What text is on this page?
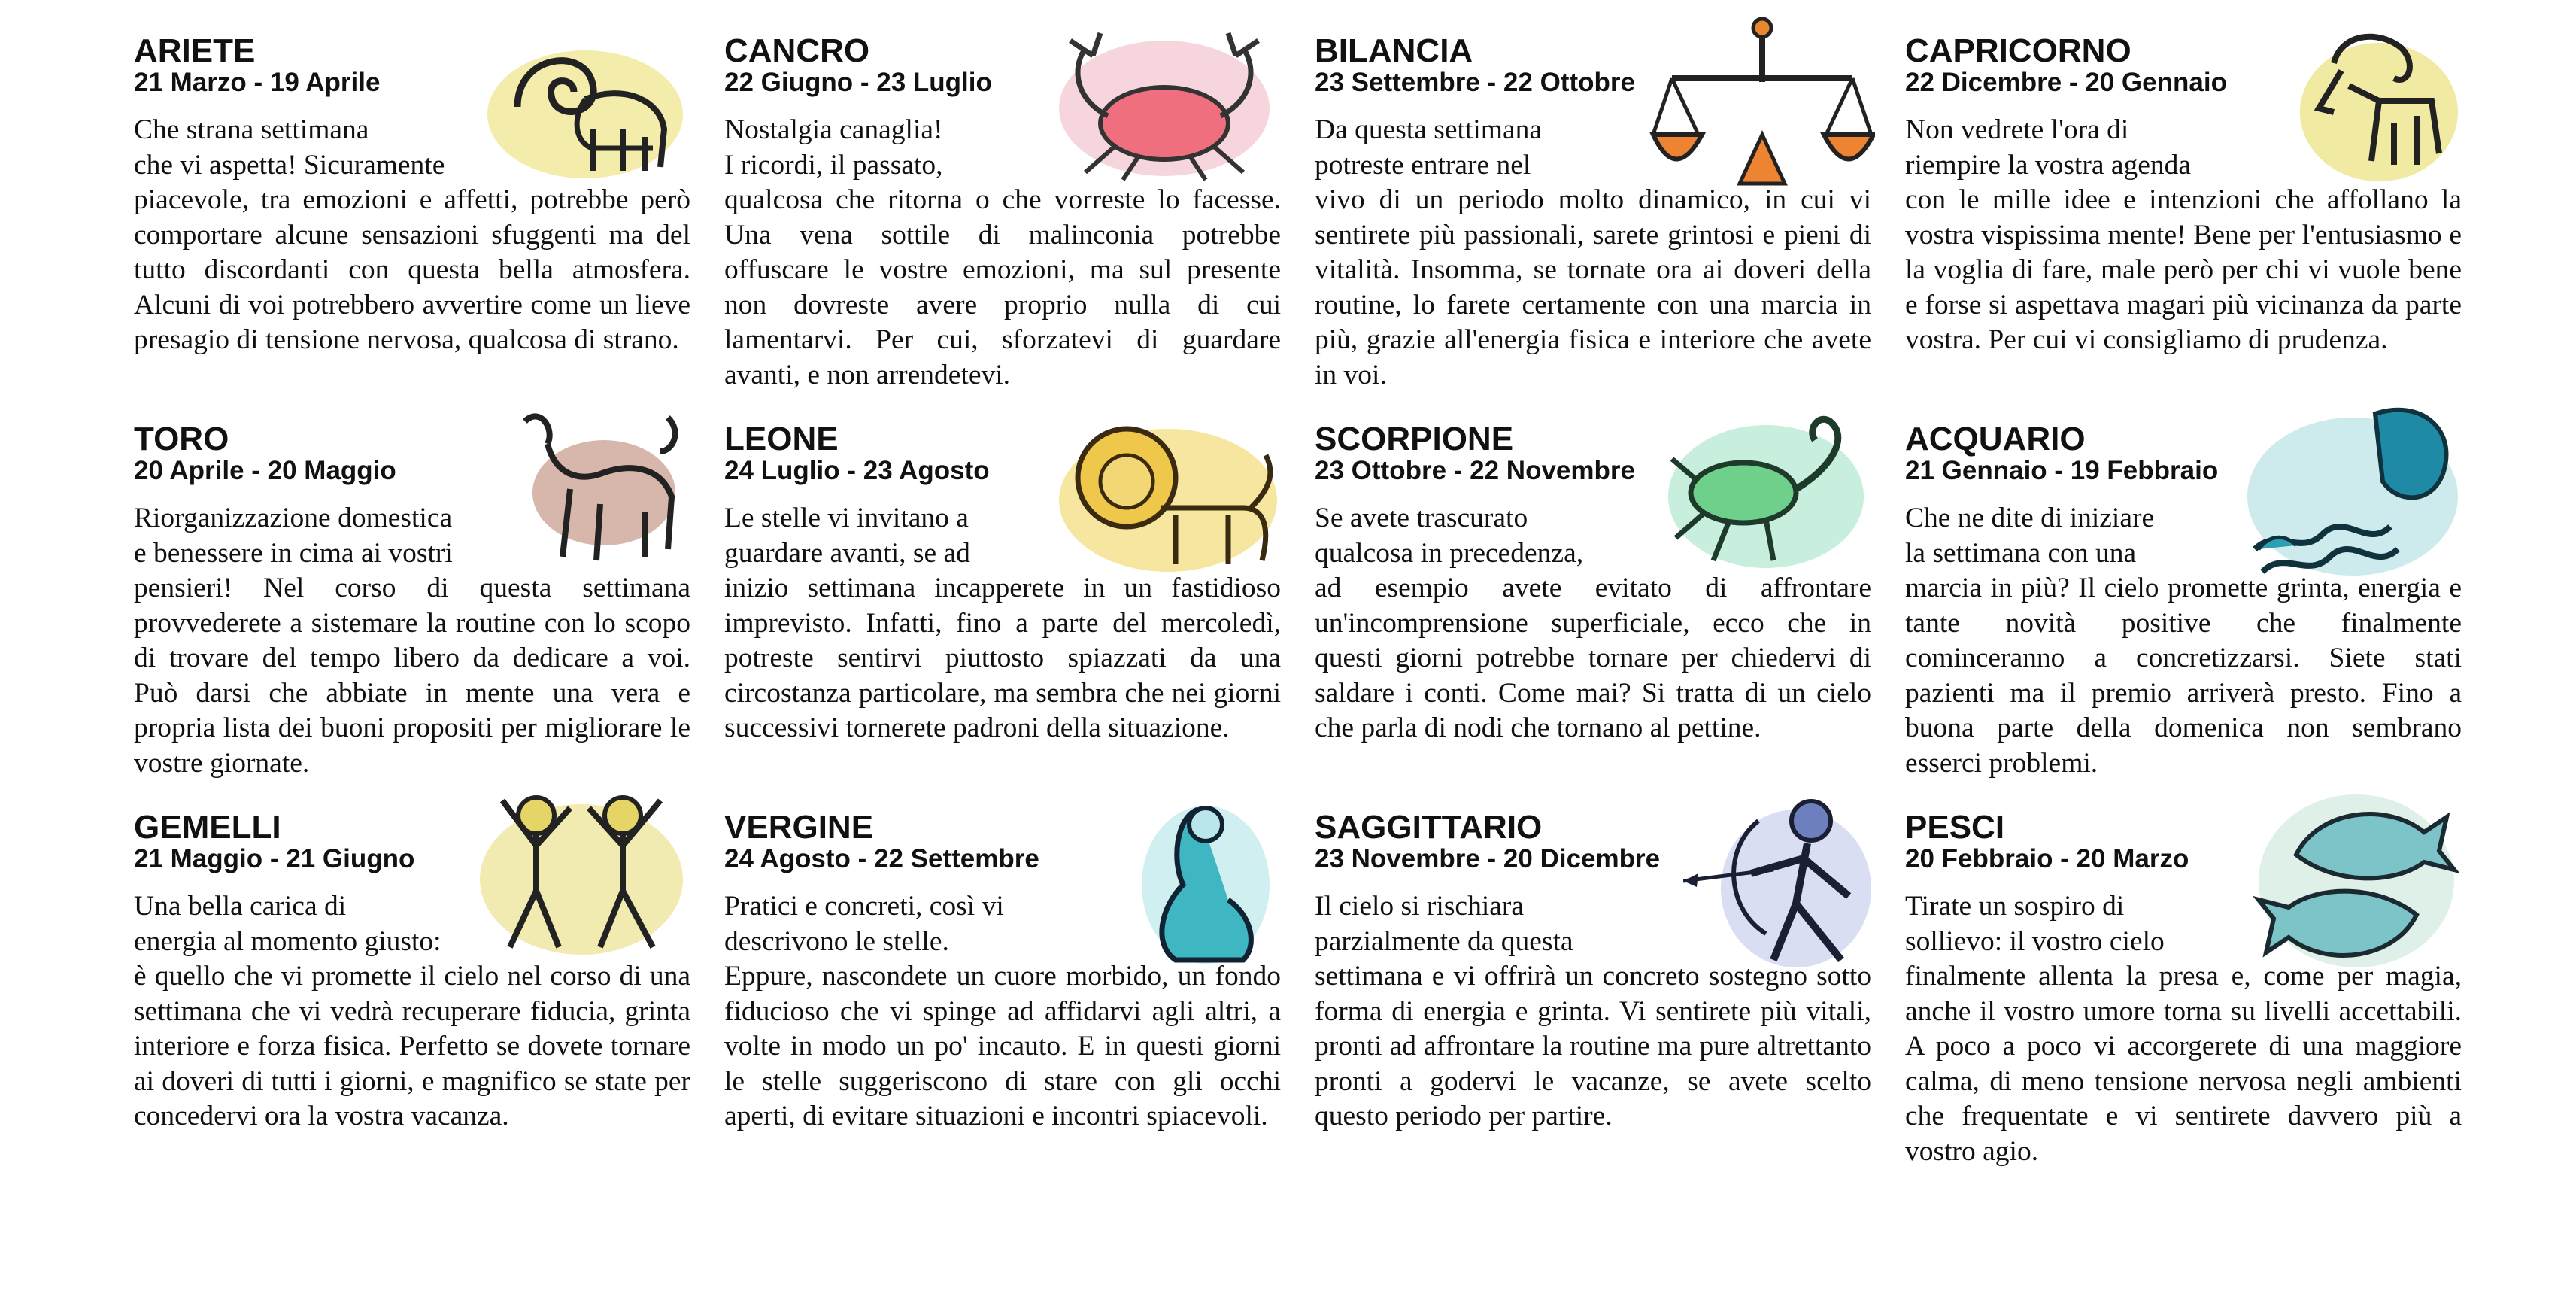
ARIETE
21 Marzo - 19 Aprile

Che strana settimana

che vi aspetta! Sicuramente

piacevole, tra emozioni e affetti, potrebbe però comportare alcune sensazioni sfuggenti ma del tutto discordanti con questa bella atmosfera. Alcuni di voi potrebbero avvertire come un lieve presagio di tensione nervosa, qualcosa di strano.

CANCRO
22 Giugno - 23 Luglio

Nostalgia canaglia!

I ricordi, il passato,

qualcosa che ritorna o che vorreste lo facesse. Una vena sottile di malinconia potrebbe offuscare le vostre emozioni, ma sul presente non dovreste avere proprio nulla di cui lamentarvi. Per cui, sforzatevi di guardare avanti, e non arrendetevi.

BILANCIA
23 Settembre - 22 Ottobre

Da questa settimana

potreste entrare nel

vivo di un periodo molto dinamico, in cui vi sentirete più passionali, sarete grintosi e pieni di vitalità. Insomma, se tornate ora ai doveri della routine, lo farete certamente con una marcia in più, grazie all'energia fisica e interiore che avete in voi.

CAPRICORNO
22 Dicembre - 20 Gennaio

Non vedrete l'ora di

riempire la vostra agenda

con le mille idee e intenzioni che affollano la vostra vispissima mente! Bene per l'entusiasmo e la voglia di fare, male però per chi vi vuole bene e forse si aspettava magari più vicinanza da parte vostra. Per cui vi consigliamo di prudenza.

TORO
20 Aprile - 20 Maggio

Riorganizzazione domestica

e benessere in cima ai vostri

pensieri! Nel corso di questa settimana provvederete a sistemare la routine con lo scopo di trovare del tempo libero da dedicare a voi. Può darsi che abbiate in mente una vera e propria lista dei buoni propositi per migliorare le vostre giornate.

LEONE
24 Luglio - 23 Agosto

Le stelle vi invitano a

guardare avanti, se ad

inizio settimana incapperete in un fastidioso imprevisto. Infatti, fino a parte del mercoledì, potreste sentirvi piuttosto spiazzati da una circostanza particolare, ma sembra che nei giorni successivi tornerete padroni della situazione.

SCORPIONE
23 Ottobre - 22 Novembre

Se avete trascurato

qualcosa in precedenza,

ad esempio avete evitato di affrontare un'incomprensione superficiale, ecco che in questi giorni potrebbe tornare per chiedervi di saldare i conti. Come mai? Si tratta di un cielo che parla di nodi che tornano al pettine.

ACQUARIO
21 Gennaio - 19 Febbraio

Che ne dite di iniziare

la settimana con una

marcia in più? Il cielo promette grinta, energia e tante novità positive che finalmente cominceranno a concretizzarsi. Siete stati pazienti ma il premio arriverà presto. Fino a buona parte della domenica non sembrano esserci problemi.

GEMELLI
21 Maggio - 21 Giugno

Una bella carica di

energia al momento giusto:

è quello che vi promette il cielo nel corso di una settimana che vi vedrà recuperare fiducia, grinta interiore e forza fisica. Perfetto se dovete tornare ai doveri di tutti i giorni, e magnifico se state per concedervi ora la vostra vacanza.

VERGINE
24 Agosto - 22 Settembre

Pratici e concreti, così vi

descrivono le stelle.

Eppure, nascondete un cuore morbido, un fondo fiducioso che vi spinge ad affidarvi agli altri, a volte in modo un po' incauto. E in questi giorni le stelle suggeriscono di stare con gli occhi aperti, di evitare situazioni e incontri spiacevoli.

SAGGITTARIO
23 Novembre - 20 Dicembre

Il cielo si rischiara

parzialmente da questa

settimana e vi offrirà un concreto sostegno sotto forma di energia e grinta. Vi sentirete più vitali, pronti ad affrontare la routine ma pure altrettanto pronti a godervi le vacanze, se avete scelto questo periodo per partire.

PESCI
20 Febbraio - 20 Marzo

Tirate un sospiro di

sollievo: il vostro cielo

finalmente allenta la presa e, come per magia, anche il vostro umore torna su livelli accettabili. A poco a poco vi accorgerete di una maggiore calma, di meno tensione nervosa negli ambienti che frequentate e vi sentirete davvero più a vostro agio.
